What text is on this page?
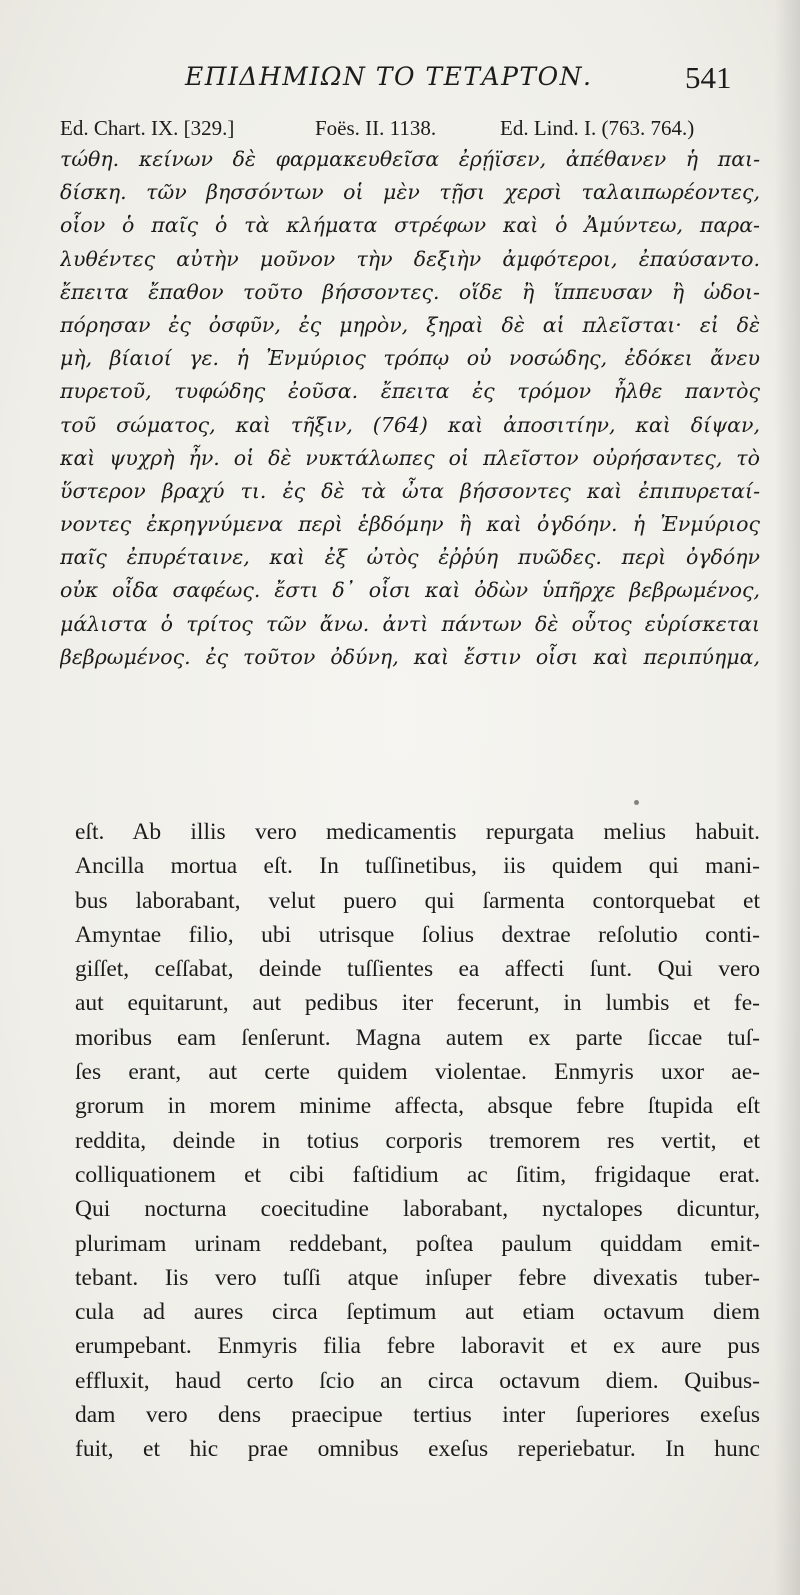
ΕΠΙΔΗΜΙΩΝ ΤΟ ΤΕΤΑΡΤΟΝ.	541
Ed. Chart. IX. [329.]	Foës. II. 1138.	Ed. Lind. I. (763. 764.)
τώθη. κείνων δὲ φαρμακευθεῖσα ἐρῄϊσεν, ἀπέθανεν ἡ παι-
δίσκη. τῶν βησσόντων οἱ μὲν τῇσι χερσὶ ταλαιπωρέοντες,
οἷον ὁ παῖς ὁ τὰ κλήματα στρέφων καὶ ὁ Ἀμύντεω, παρα-
λυθέντες αὐτὴν μοῦνον τὴν δεξιὴν ἀμφότεροι, ἐπαύσαντο.
ἔπειτα ἔπαθον τοῦτο βήσσοντες. οἵδε ἢ ἵππευσαν ἢ ὡδοι-
πόρησαν ἐς ὀσφῦν, ἐς μηρὸν, ξηραὶ δὲ αἱ πλεῖσται· εἰ δὲ
μὴ, βίαιοί γε. ἡ Ἐνμύριος τρόπῳ οὐ νοσώδης, ἐδόκει ἄνευ
πυρετοῦ, τυφώδης ἐοῦσα. ἔπειτα ἐς τρόμον ἦλθε παντὸς
τοῦ σώματος, καὶ τῆξιν, (764) καὶ ἀποσιτίην, καὶ δίψαν,
καὶ ψυχρὴ ἦν. οἱ δὲ νυκτάλωπες οἱ πλεῖστον οὐρήσαντες, τὸ
ὕστερον βραχύ τι. ἐς δὲ τὰ ὦτα βήσσοντες καὶ ἐπιπυρεταί-
νοντες ἐκρηγνύμενα περὶ ἑβδόμην ἢ καὶ ὀγδόην. ἡ Ἐνμύριος
παῖς ἐπυρέταινε, καὶ ἐξ ὠτὸς ἐῤῥύη πυῶδες. περὶ ὀγδόην
οὐκ οἶδα σαφέως. ἔστι δ᾽ οἷσι καὶ ὀδὼν ὑπῆρχε βεβρωμένος,
μάλιστα ὁ τρίτος τῶν ἄνω. ἀντὶ πάντων δὲ οὗτος εὑρίσκεται
βεβρωμένος. ἐς τοῦτον ὀδύνη, καὶ ἔστιν οἷσι καὶ περιπύημα,
eſt. Ab illis vero medicamentis repurgata melius habuit.
Ancilla mortua eſt. In tuſſinetibus, iis quidem qui mani-
bus laborabant, velut puero qui ſarmenta contorquebat et
Amyntae filio, ubi utrisque ſolius dextrae reſolutio conti-
giſſet, ceſſabat, deinde tuſſientes ea affecti ſunt. Qui vero
aut equitarunt, aut pedibus iter fecerunt, in lumbis et fe-
moribus eam ſenſerunt. Magna autem ex parte ſiccae tuſ-
ſes erant, aut certe quidem violentae. Enmyris uxor ae-
grorum in morem minime affecta, absque febre ſtupida eſt
reddita, deinde in totius corporis tremorem res vertit, et
colliquationem et cibi faſtidium ac ſitim, frigidaque erat.
Qui nocturna coecitudine laborabant, nyctalopes dicuntur,
plurimam urinam reddebant, poſtea paulum quiddam emit-
tebant. Iis vero tuſſi atque inſuper febre divexatis tuber-
cula ad aures circa ſeptimum aut etiam octavum diem
erumpebant. Enmyris filia febre laboravit et ex aure pus
effluxit, haud certo ſcio an circa octavum diem. Quibus-
dam vero dens praecipue tertius inter ſuperiores exeſus
fuit, et hic prae omnibus exeſus reperiebatur. In hunc
